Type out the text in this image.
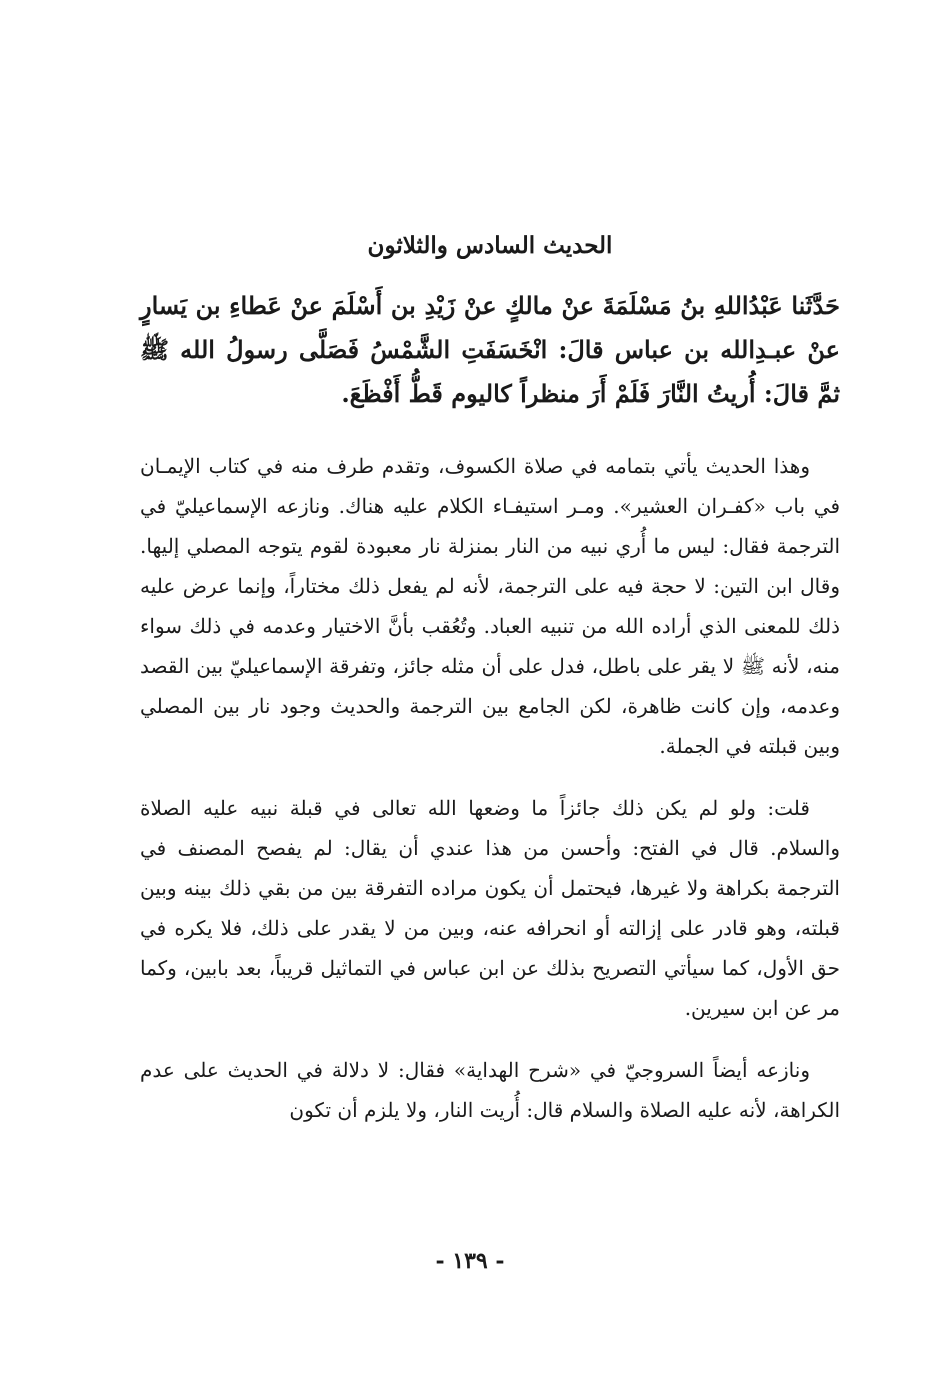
الحديث السادس والثلاثون

حَدَّثَنا عَبْدُاللهِ بنُ مَسْلَمَةَ عنْ مالكٍ عنْ زَيْدِ بن أَسْلَمَ عنْ عَطاءِ بن يَسارٍ عنْ عبـدِالله بن عباس قالَ: انْخَسَفَتِ الشَّمْسُ فَصَلَّى رسولُ الله ﷺ ثمَّ قالَ: أُريتُ النَّارَ فَلَمْ أَرَ منظراً كاليوم قَطُّ أَفْظَعَ.

وهذا الحديث يأتي بتمامه في صلاة الكسوف، وتقدم طرف منه في كتاب الإيمـان في باب «كفـران العشير». ومـر استيفـاء الكلام عليه هناك. ونازعه الإسماعيليّ في الترجمة فقال: ليس ما أُري نبيه من النار بمنزلة نار معبودة لقوم يتوجه المصلي إليها. وقال ابن التين: لا حجة فيه على الترجمة، لأنه لم يفعل ذلك مختاراً، وإنما عرض عليه ذلك للمعنى الذي أراده الله من تنبيه العباد. وتُعُقب بأنَّ الاختيار وعدمه في ذلك سواء منه، لأنه ﷺ لا يقر على باطل، فدل على أن مثله جائز، وتفرقة الإسماعيليّ بين القصد وعدمه، وإن كانت ظاهرة، لكن الجامع بين الترجمة والحديث وجود نار بين المصلي وبين قبلته في الجملة.

قلت: ولو لم يكن ذلك جائزاً ما وضعها الله تعالى في قبلة نبيه عليه الصلاة والسلام. قال في الفتح: وأحسن من هذا عندي أن يقال: لم يفصح المصنف في الترجمة بكراهة ولا غيرها، فيحتمل أن يكون مراده التفرقة بين من بقي ذلك بينه وبين قبلته، وهو قادر على إزالته أو انحرافه عنه، وبين من لا يقدر على ذلك، فلا يكره في حق الأول، كما سيأتي التصريح بذلك عن ابن عباس في التماثيل قريباً، بعد بابين، وكما مر عن ابن سيرين.

ونازعه أيضاً السروجيّ في «شرح الهداية» فقال: لا دلالة في الحديث على عدم الكراهة، لأنه عليه الصلاة والسلام قال: أُريت النار، ولا يلزم أن تكون

- ١٣٩ -
